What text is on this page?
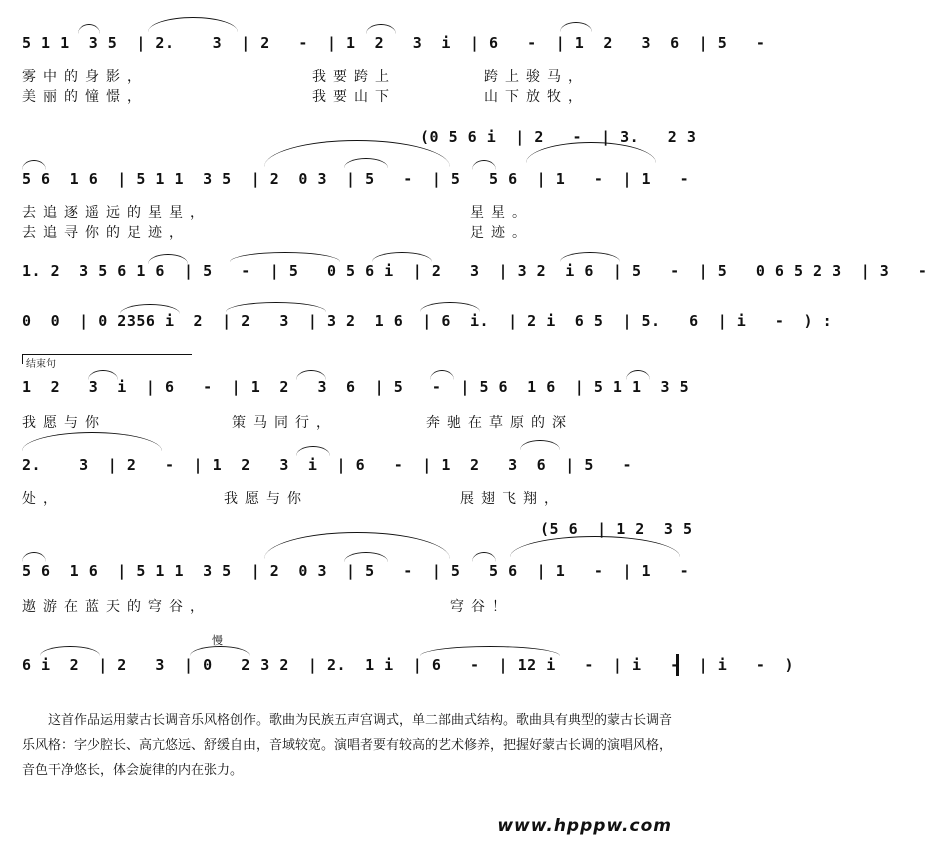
5 1 1  3 5  | 2.    3  | 2   -  | 1  2   3  i  | 6   -  | 1  2   3  6  | 5   -
雾中的身影，	我要跨上	跨上骏马，
美丽的憧憬，	我要山下	山下放牧，
(0 5 6 i  | 2   -  | 3.   2 3
5 6  1 6  | 5 1 1  3 5  | 2  0 3  | 5   -  | 5   5 6  | 1   -  | 1   -
去追逐遥远的星星，	星星。
去追寻你的足迹，	足迹。
1. 2  3 5 6 1 6  | 5   -  | 5   0 5 6 i  | 2   3  | 3 2  i 6  | 5   -  | 5   0 6 5 2 3  | 3   -
0  0  | 0 2356 i  2  | 2   3  | 3 2  1 6  | 6  i.  | 2 i  6 5  | 5.   6  | i   -  ) :
结束句
1  2   3  i  | 6   -  | 1  2   3  6  | 5   -  | 5 6  1 6  | 5 1 1  3 5
我愿与你	策马同行，	奔驰在草原的深
2.    3  | 2   -  | 1  2   3  i  | 6   -  | 1  2   3  6  | 5   -
处，	我愿与你	展翅飞翔，
(5 6  | 1 2  3 5
5 6  1 6  | 5 1 1  3 5  | 2  0 3  | 5   -  | 5   5 6  | 1   -  | 1   -
遨游在蓝天的穹谷，	穹谷！
慢
6 i  2  | 2   3  | 0   2 3 2  | 2.  1 i  | 6   -  | 12 i   -  | i   -  | i   -  )
这首作品运用蒙古长调音乐风格创作。歌曲为民族五声宫调式，单二部曲式结构。歌曲具有典型的蒙古长调音乐风格：字少腔长、高亢悠远、舒缓自由，音域较宽。演唱者要有较高的艺术修养，把握好蒙古长调的演唱风格，音色干净悠长，体会旋律的内在张力。
www.hpppw.com
